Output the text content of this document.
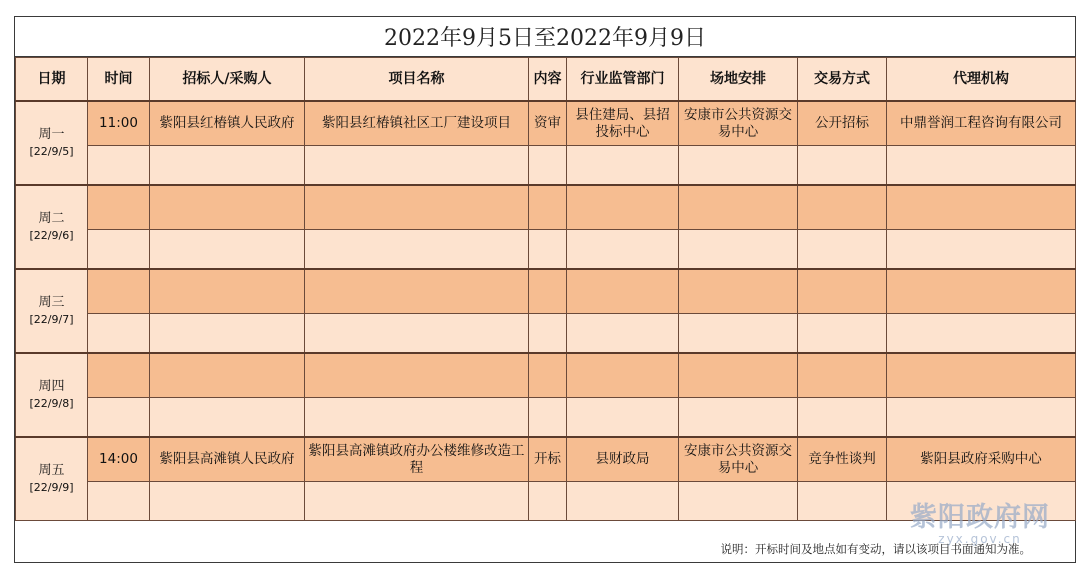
2022年9月5日至2022年9月9日
日期	时间	招标人/采购人	项目名称	内容	行业监管部门	场地安排	交易方式	代理机构

周一
[22/9/5]	11:00	紫阳县红椿镇人民政府	紫阳县红椿镇社区工厂建设项目	资审	县住建局、县招投标中心	安康市公共资源交易中心	公开招标	中鼎誉润工程咨询有限公司

周二
[22/9/6]								

周三
[22/9/7]								

周四
[22/9/8]								

周五
[22/9/9]	14:00	紫阳县高滩镇人民政府	紫阳县高滩镇政府办公楼维修改造工程	开标	县财政局	安康市公共资源交易中心	竞争性谈判	紫阳县政府采购中心

说明：开标时间及地点如有变动，请以该项目书面通知为准。
紫阳政府网
zyx.gov.cn
